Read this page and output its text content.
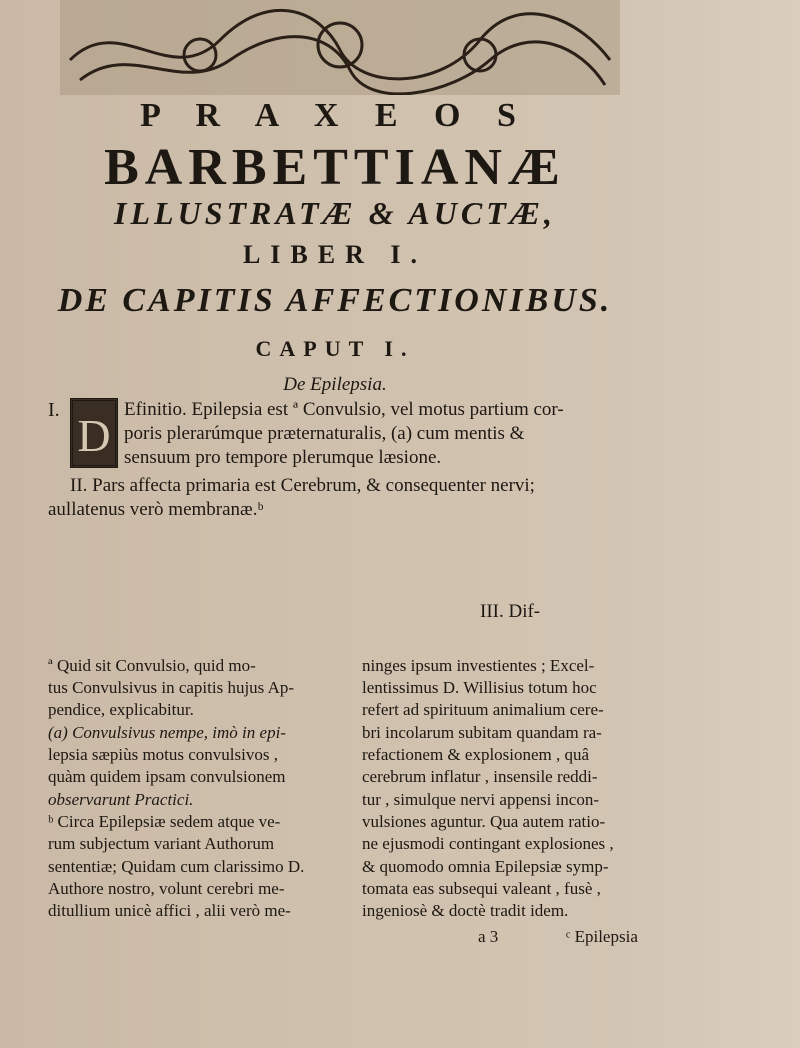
P R A X E O S
BARBETTIANÆ
ILLUSTRATÆ & AUCTÆ,
LIBER I.
DE CAPITIS AFFECTIONIBUS.
CAPUT I.
De Epilepsia.
I. D
Efinitio. Epilepsia est ª Convulsio, vel motus partium cor-
poris plerarúmque præternaturalis, (a) cum mentis &
sensuum pro tempore plerumque læsione.
II. Pars affecta primaria est Cerebrum, & consequenter nervi;
aullatenus verò membranæ.ᵇ
III. Dif-
ª Quid sit Convulsio, quid mo-
tus Convulsivus in capitis hujus Ap-
pendice, explicabitur.
(a) Convulsivus nempe, imò in epi-
lepsia sæpiùs motus convulsivos ,
quàm quidem ipsam convulsionem
observarunt Practici.
ᵇ Circa Epilepsiæ sedem atque ve-
rum subjectum variant Authorum
sententiæ; Quidam cum clarissimo D.
Authore nostro, volunt cerebri me-
ditullium unicè affici , alii verò me-
ninges ipsum investientes ; Excel-
lentissimus D. Willisius totum hoc
refert ad spirituum animalium cere-
bri incolarum subitam quandam ra-
refactionem & explosionem , quâ
cerebrum inflatur , insensile reddi-
tur , simulque nervi appensi incon-
vulsiones aguntur. Qua autem ratio-
ne ejusmodi contingant explosiones ,
& quomodo omnia Epilepsiæ symp-
tomata eas subsequi valeant , fusè ,
ingeniosè & doctè tradit idem.
a 3	ᶜ Epilepsia
